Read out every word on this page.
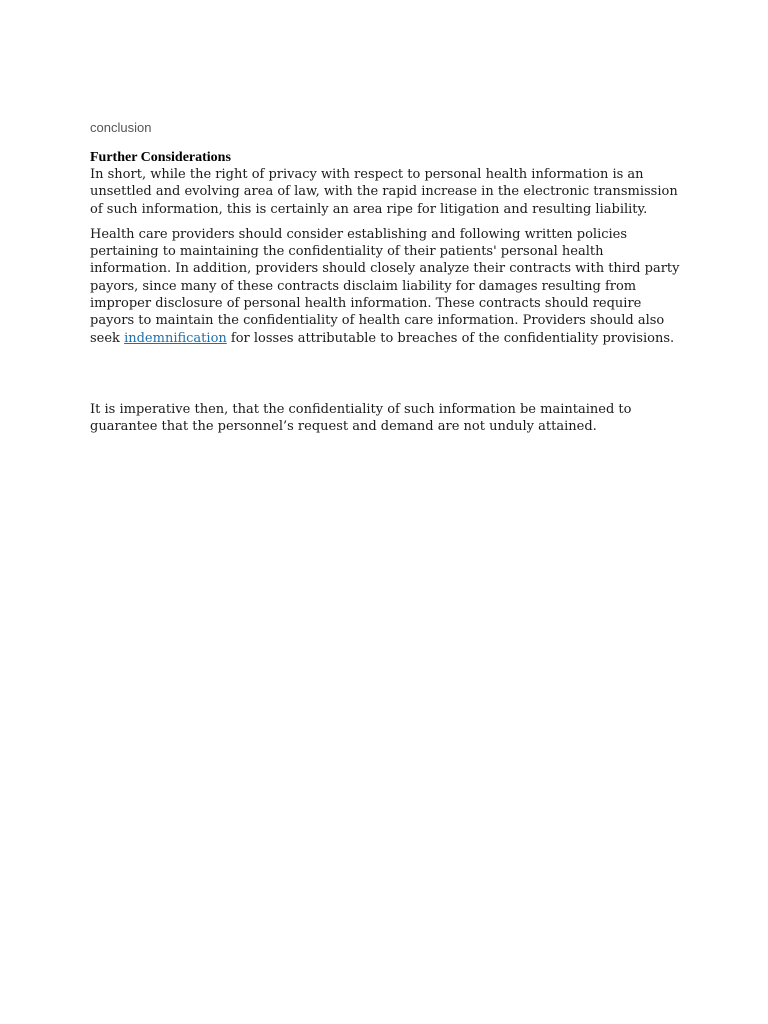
conclusion
Further Considerations

In short, while the right of privacy with respect to personal health information is an unsettled and evolving area of law, with the rapid increase in the electronic transmission of such information, this is certainly an area ripe for litigation and resulting liability.

Health care providers should consider establishing and following written policies pertaining to maintaining the confidentiality of their patients' personal health information. In addition, providers should closely analyze their contracts with third party payors, since many of these contracts disclaim liability for damages resulting from improper disclosure of personal health information. These contracts should require payors to maintain the confidentiality of health care information. Providers should also seek indemnification for losses attributable to breaches of the confidentiality provisions.

It is imperative then, that the confidentiality of such information be maintained to guarantee that the personnel’s request and demand are not unduly attained.
